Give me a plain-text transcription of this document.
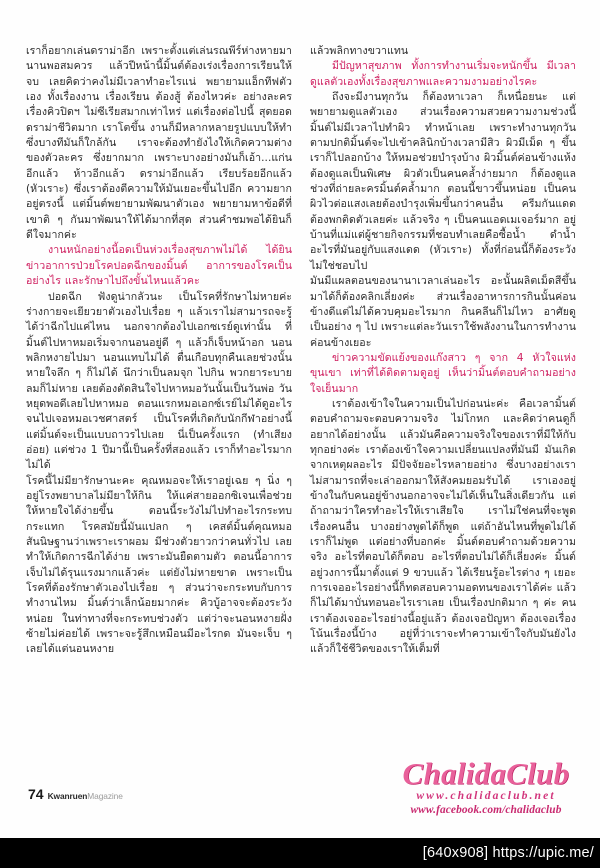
เราก็อยากเล่นดราม่าอีก เพราะตั้งแต่เล่นรณพีร์ห่างหายมานานพอสมควร แล้วปีหน้านี้มิ้นต์ต้องเร่งเรื่องการเรียนให้จบ เลยคิดว่าคงไม่มีเวลาทำอะไรแน่ พยายามแอ็กทีฟตัวเอง ทั้งเรื่องงาน เรื่องเรียน ต้องสู้ ต้องไหวค่ะ อย่างละคร เรื่องคิวปิดฯ ไม่ซีเรียสมากเท่าไหร่ แต่เรื่องต่อไปนี้ สุดยอดดราม่าชีวิตมาก เราโตขึ้น งานก็มีหลากหลายรูปแบบให้ทำ ซึ่งบางทีมันก็ใกล้กัน เราจะต้องทำยังไงให้เกิดความต่างของตัวละคร ซึ่งยากมาก เพราะบางอย่างมันก็เอ้า...แก่นอีกแล้ว ห้าวอีกแล้ว ดราม่าอีกแล้ว เรียบร้อยอีกแล้ว (หัวเราะ) ซึ่งเราต้องตีความให้มันเยอะขึ้นไปอีก ความยากอยู่ตรงนี้ แต่มิ้นต์พยายามพัฒนาตัวเอง พยายามหาข้อดีที่เขาติ ๆ กันมาพัฒนาให้ได้มากที่สุด ส่วนคำชมพอได้ยินก็ดีใจมากค่ะ

งานหนักอย่างนี้อดเป็นห่วงเรื่องสุขภาพไม่ได้ ได้ยินข่าวอาการป่วยโรคปอดฉีกของมิ้นต์ อาการของโรคเป็นอย่างไร และรักษาไปถึงขั้นไหนแล้วคะ

ปอดฉีก ฟังดูน่ากลัวนะ เป็นโรคที่รักษาไม่หายค่ะ ร่างกายจะเยียวยาตัวเองไปเรื่อย ๆ แล้วเราไม่สามารถจะรู้ได้ว่าฉีกไปแค่ไหน นอกจากต้องไปเอกซเรย์ดูเท่านั้น ที่มิ้นต์ไปหาหมอเริ่มจากนอนอยู่ดี ๆ แล้วก็เจ็บหน้าอก นอนพลิกหงายไปมา นอนแทบไม่ได้ ตื่นเกือบทุกคืนเลยช่วงนั้น หายใจลึก ๆ ก็ไม่ได้ นึกว่าเป็นลมจุก ไปกิน พวกยาระบายลมก็ไม่หาย เลยต้องตัดสินใจไปหาหมอวันนั้นเป็นวันพ่อ วันหยุดพอดีเลยไปหาหมอ ตอนแรกหมอเอกซ์เรย์ไม่ได้ดูอะไร จนไปเจอหมอเวชศาสตร์ เป็นโรคที่เกิดกับนักกีฬาอย่างนี้ แต่มิ้นต์จะเป็นแบบถาวรไปเลย นี่เป็นครั้งแรก (ทำเสียงอ่อย) แต่ช่วง 1 ปีมานี้เป็นครั้งที่สองแล้ว เราก็ทำอะไรมากไม่ได้

โรคนี้ไม่มียารักษานะคะ คุณหมอจะให้เราอยู่เฉย ๆ นิ่ง ๆ อยู่โรงพยาบาลไม่มียาให้กิน ให้แค่สายออกซิเจนเพื่อช่วยให้หายใจได้ง่ายขึ้น ตอนนี้ระวังไม่ไปทำอะไรกระทบกระแทก โรคสมัยนี้มันแปลก ๆ เคสต์มิ้นต์คุณหมอสันนิษฐานว่าเพราะเราผอม มีช่วงตัวยาวกว่าคนทั่วไป เลยทำให้เกิดการฉีกได้ง่าย เพราะมันยืดตามตัว ตอนนี้อาการเจ็บไม่ได้รุนแรงมากแล้วค่ะ แต่ยังไม่หายขาด เพราะเป็นโรคที่ต้องรักษาตัวเองไปเรื่อย ๆ ส่วนว่าจะกระทบกับการทำงานไหม มิ้นต์ว่าเล็กน้อยมากค่ะ คิวบู้อาจจะต้องระวังหน่อย ในท่าทางที่จะกระทบช่วงตัว แต่ว่าจะนอนหงายฝั่งซ้ายไม่ค่อยได้ เพราะจะรู้สึกเหมือนมีอะไรกด มันจะเจ็บ ๆ เลยได้แต่นอนหงาย

แล้วพลิกทางขวาแทน

มีปัญหาสุขภาพ ทั้งการทำงานเริ่มจะหนักขึ้น มีเวลาดูแลตัวเองทั้งเรื่องสุขภาพและความงามอย่างไรคะ

ถึงจะมีงานทุกวัน ก็ต้องหาเวลา ก็เหนื่อยนะ แต่พยายามดูแลตัวเอง ส่วนเรื่องความสวยความงามช่วงนี้มิ้นต์ไม่มีเวลาไปทำผิว ทำหน้าเลย เพราะทำงานทุกวัน ตามปกติมิ้นต์จะไปเข้าคลินิกบ้างเวลามีสิว ผิวมีเม็ด ๆ ขึ้นเราก็ไปลอกบ้าง ให้หมอช่วยบำรุงบ้าง ผิวมิ้นต์ค่อนข้างแห้งต้องดูแลเป็นพิเศษ ผิวตัวเป็นคนคล้ำง่ายมาก ก็ต้องดูแล ช่วงที่ถ่ายละครมิ้นต์คล้ำมาก ตอนนี้ขาวขึ้นหน่อย เป็นคนผิวไวต่อแสงเลยต้องบำรุงเพิ่มขึ้นกว่าคนอื่น ครีมกันแดดต้องพกติดตัวเลยค่ะ แล้วจริง ๆ เป็นคนแอดเมเจอร์มาก อยู่บ้านที่แม่แต่ผู้ชายกิจกรรมที่ชอบทำเลยคือซื้อน้ำ ดำน้ำ อะไรที่มันอยู่กับแสงแดด (หัวเราะ) ทั้งที่ก่อนนี้ก็ต้องระวัง ไม่ใช่ชอบไป

มันมีแผลตอนของนานาเวลาเล่นอะไร อะนั้นผลิตเม็ดสีขึ้นมาได้ก็ต้องคลิกเลี่ยงค่ะ ส่วนเรื่องอาหารการกินนั้นค่อนข้างดีแต่ไม่ได้ควบคุมอะไรมาก กินคลีนก็ไม่ไหว อาศัยดูเป็นอย่าง ๆ ไป เพราะแต่ละวันเราใช้พลังงานในการทำงานค่อนข้างเยอะ

ข่าวความขัดแย้งของแก๊งสาว ๆ จาก 4 หัวใจแห่งขุนเขา เท่าที่ได้ติดตามดูอยู่ เห็นว่ามิ้นต์ตอบคำถามอย่างใจเย็นมาก

เราต้องเข้าใจในความเป็นไปก่อนน่ะค่ะ คือเวลามิ้นต์ตอบคำถามจะตอบความจริง ไม่โกหก และคิดว่าคนดูก็อยากได้อย่างนั้น แล้วมันคือความจริงใจของเราที่มีให้กับทุกอย่างค่ะ เราต้องเข้าใจความเปลี่ยนแปลงที่มันมี มันเกิดจากเหตุผลอะไร มีปัจจัยอะไรหลายอย่าง ซึ่งบางอย่างเราไม่สามารถที่จะเล่าออกมาให้สังคมยอมรับได้ เราเองอยู่ข้างในกับคนอยู่ข้างนอกอาจจะไม่ได้เห็นในสิ่งเดียวกัน แต่ถ้าถามว่าใครทำอะไรให้เราเสียใจ เราไม่ใช่คนที่จะพูดเรื่องคนอื่น บางอย่างพูดได้ก็พูด แต่ถ้าอันไหนที่พูดไม่ได้เราก็ไม่พูด แต่อย่างที่บอกค่ะ มิ้นต์ตอบคำถามด้วยความจริง อะไรที่ตอบได้ก็ตอบ อะไรที่ตอบไม่ได้ก็เลี่ยงค่ะ มิ้นต์อยู่วงการนี้มาตั้งแต่ 9 ขวบแล้ว ได้เรียนรู้อะไรต่าง ๆ เยอะ การเจออะไรอย่างนี้ก็ทดสอบความอดทนของเราได้ค่ะ แล้วก็ไม่ได้มาบั่นทอนอะไรเราเลย เป็นเรื่องปกติมาก ๆ ค่ะ คนเราต้องเจออะไรอย่างนี้อยู่แล้ว ต้องเจอปัญหา ต้องเจอเรื่องโน้นเรื่องนี้บ้าง อยู่ที่ว่าเราจะทำความเข้าใจกับมันยังไง แล้วก็ใช้ชีวิตของเราให้เต็มที่

74 KwanruenMagazine
ChalidaClub
www.chalidaclub.net
www.facebook.com/chalidaclub
[640x908] https://upic.me/
